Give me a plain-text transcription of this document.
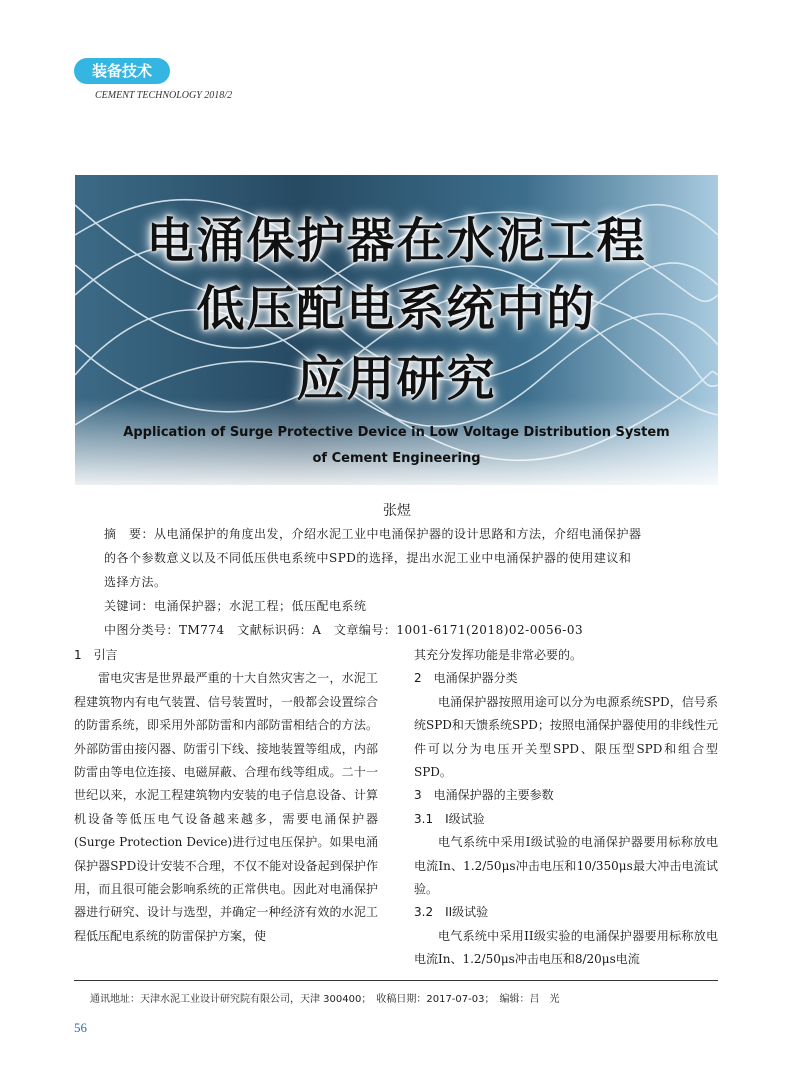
装备技术
CEMENT TECHNOLOGY 2018/2
电涌保护器在水泥工程
低压配电系统中的
应用研究
Application of Surge Protective Device in Low Voltage Distribution System
of Cement Engineering
张煜
摘　要：从电涌保护的角度出发，介绍水泥工业中电涌保护器的设计思路和方法，介绍电涌保护器
的各个参数意义以及不同低压供电系统中SPD的选择，提出水泥工业中电涌保护器的使用建议和
选择方法。
关键词：电涌保护器；水泥工程；低压配电系统
中图分类号：TM774　文献标识码：A　文章编号：1001-6171(2018)02-0056-03

1　引言

雷电灾害是世界最严重的十大自然灾害之一，水泥工程建筑物内有电气装置、信号装置时，一般都会设置综合的防雷系统，即采用外部防雷和内部防雷相结合的方法。外部防雷由接闪器、防雷引下线、接地装置等组成，内部防雷由等电位连接、电磁屏蔽、合理布线等组成。二十一世纪以来，水泥工程建筑物内安装的电子信息设备、计算机设备等低压电气设备越来越多，需要电涌保护器(Surge Protection Device)进行过电压保护。如果电涌保护器SPD设计安装不合理，不仅不能对设备起到保护作用，而且很可能会影响系统的正常供电。因此对电涌保护器进行研究、设计与选型，并确定一种经济有效的水泥工程低压配电系统的防雷保护方案，使

其充分发挥功能是非常必要的。

2　电涌保护器分类

电涌保护器按照用途可以分为电源系统SPD，信号系统SPD和天馈系统SPD；按照电涌保护器使用的非线性元件可以分为电压开关型SPD、限压型SPD和组合型SPD。

3　电涌保护器的主要参数

3.1　I级试验

电气系统中采用I级试验的电涌保护器要用标称放电电流In、1.2/50μs冲击电压和10/350μs最大冲击电流试验。

3.2　II级试验

电气系统中采用II级实验的电涌保护器要用标称放电电流In、1.2/50μs冲击电压和8/20μs电流

通讯地址：天津水泥工业设计研究院有限公司，天津 300400；　收稿日期：2017-07-03；　编辑：吕　光
56
